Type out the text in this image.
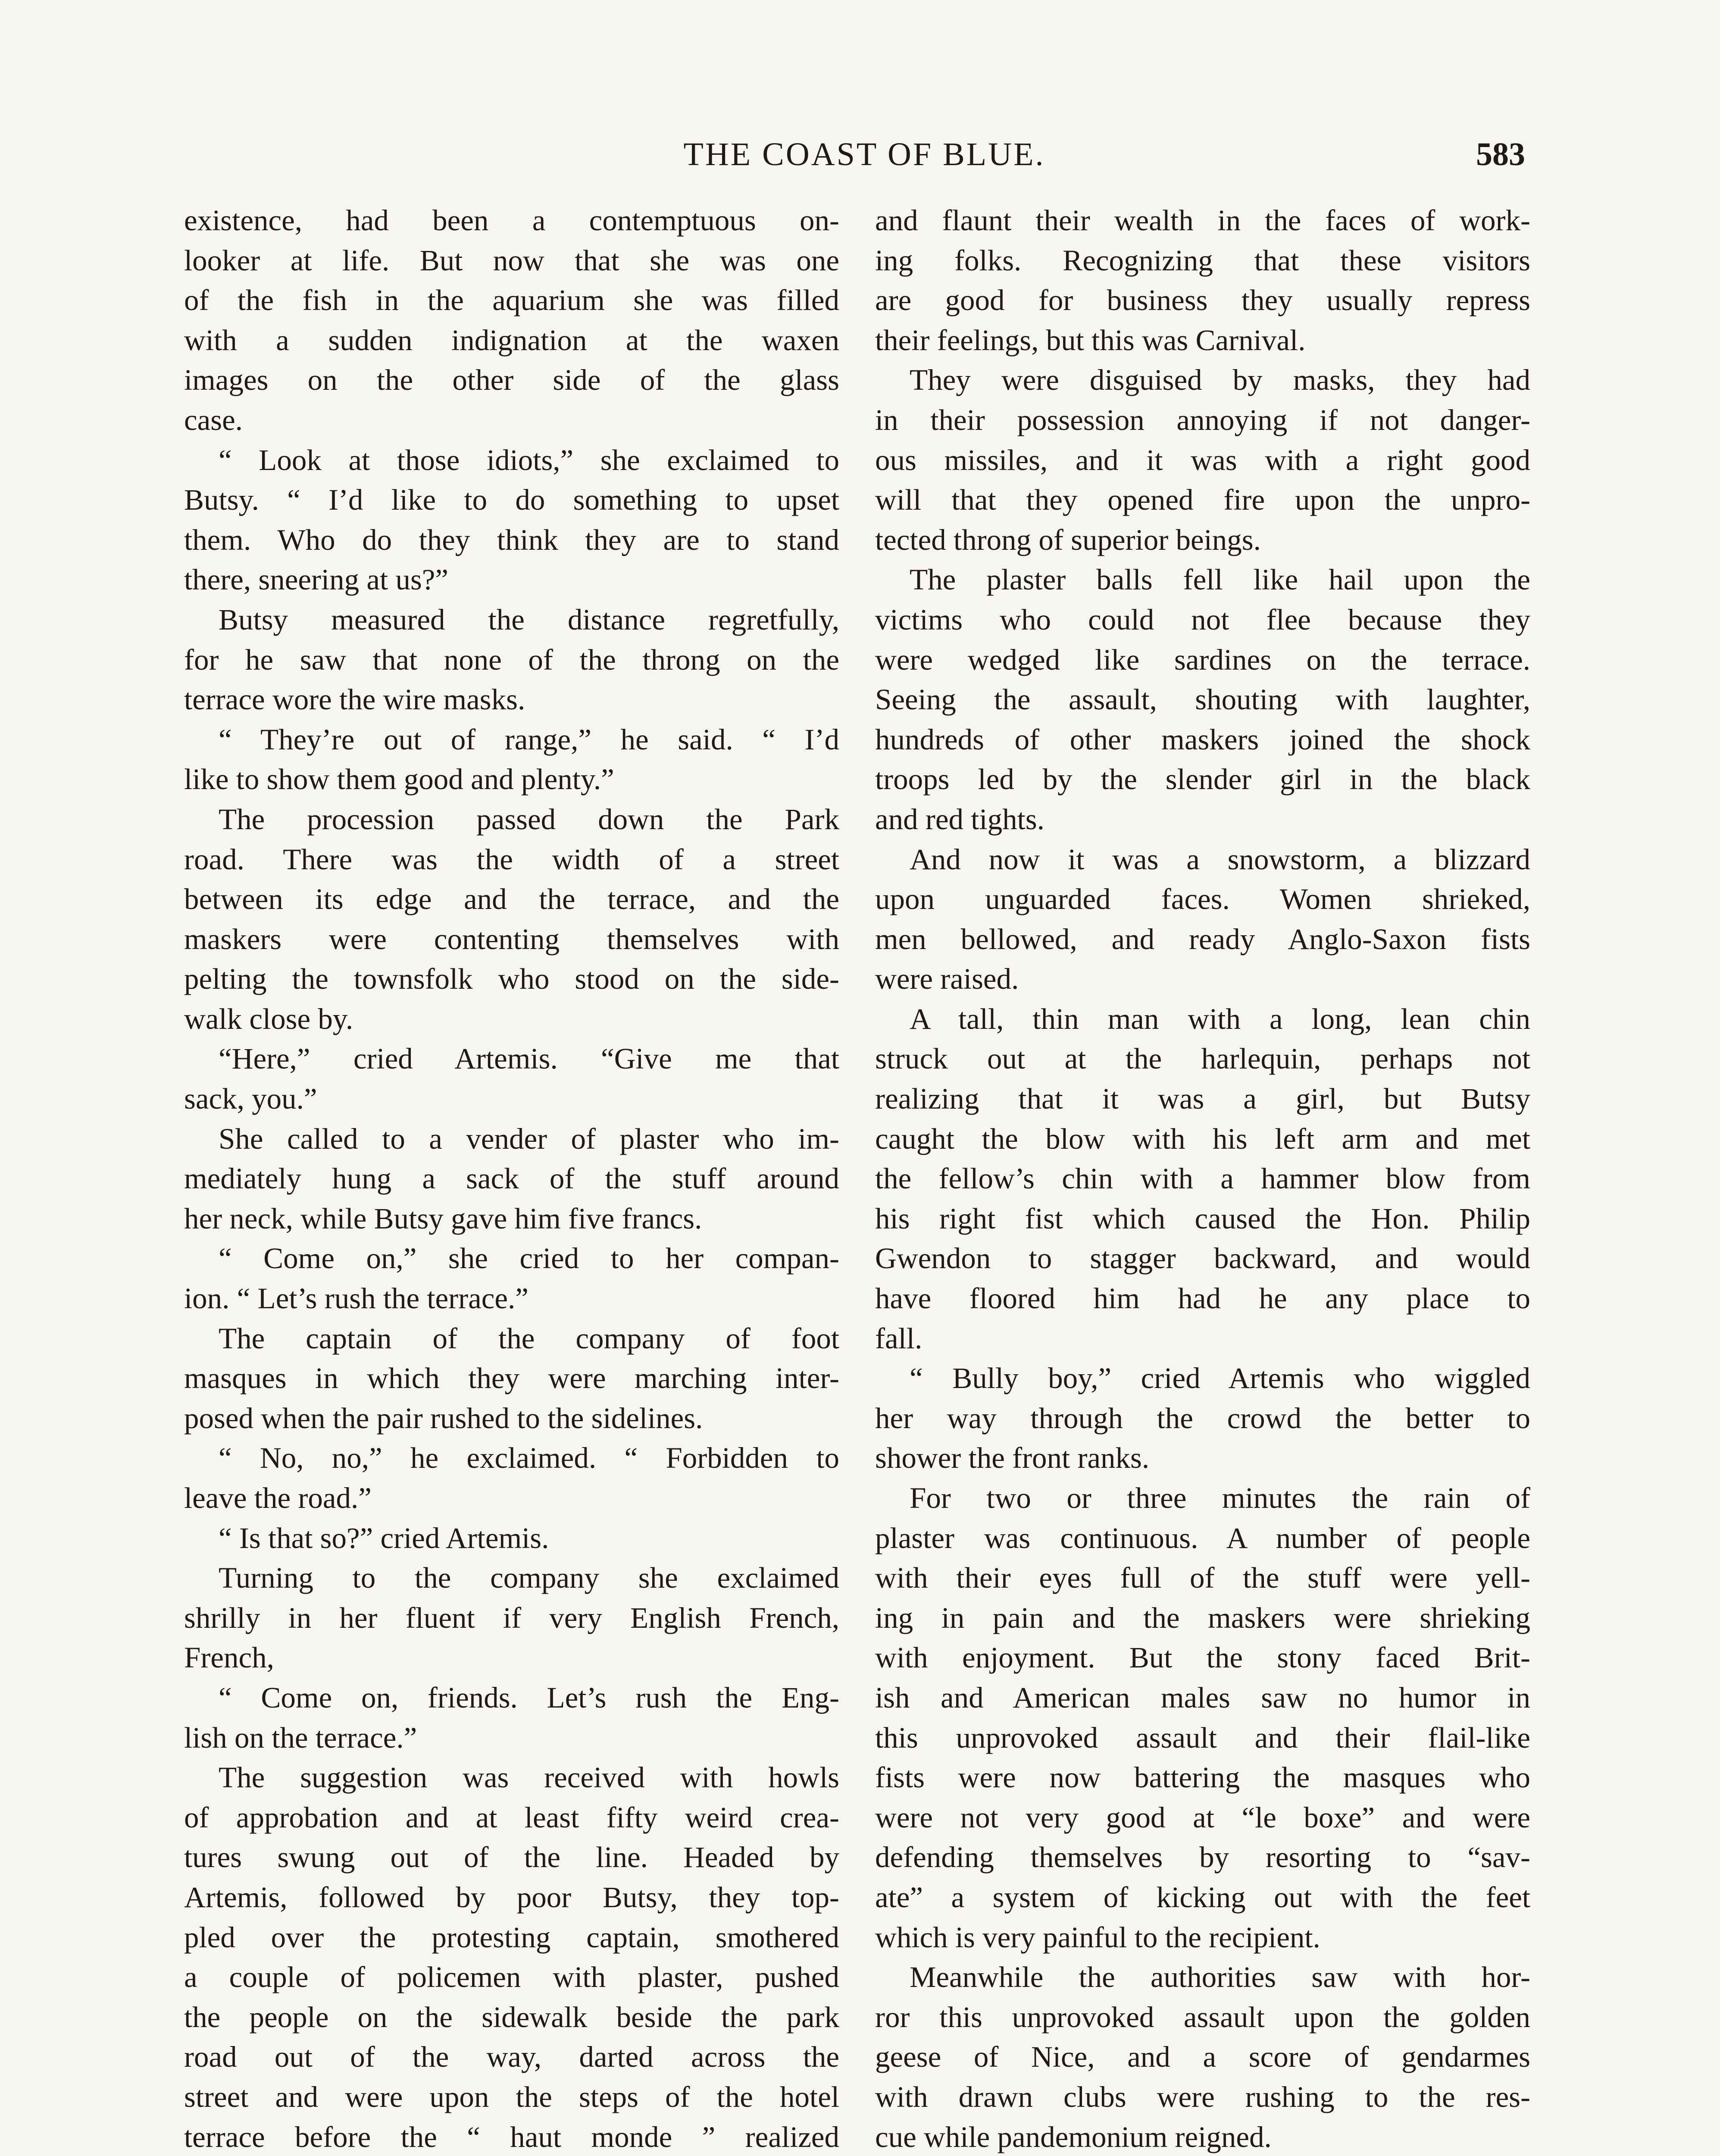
THE COAST OF BLUE.	583

existence, had been a contemptuous on-
looker at life. But now that she was one
of the fish in the aquarium she was filled
with a sudden indignation at the waxen
images on the other side of the glass
case.

“ Look at those idiots,” she exclaimed to
Butsy. “ I’d like to do something to upset
them. Who do they think they are to stand
there, sneering at us?”

Butsy measured the distance regretfully,
for he saw that none of the throng on the
terrace wore the wire masks.

“ They’re out of range,” he said. “ I’d
like to show them good and plenty.”

The procession passed down the Park
road. There was the width of a street
between its edge and the terrace, and the
maskers were contenting themselves with
pelting the townsfolk who stood on the side-
walk close by.

“Here,” cried Artemis. “Give me that
sack, you.”

She called to a vender of plaster who im-
mediately hung a sack of the stuff around
her neck, while Butsy gave him five francs.

“ Come on,” she cried to her compan-
ion. “ Let’s rush the terrace.”

The captain of the company of foot
masques in which they were marching inter-
posed when the pair rushed to the sidelines.

“ No, no,” he exclaimed. “ Forbidden to
leave the road.”

“ Is that so?” cried Artemis.

Turning to the company she exclaimed
shrilly in her fluent if very English French,
French,

“ Come on, friends. Let’s rush the Eng-
lish on the terrace.”

The suggestion was received with howls
of approbation and at least fifty weird crea-
tures swung out of the line. Headed by
Artemis, followed by poor Butsy, they top-
pled over the protesting captain, smothered
a couple of policemen with plaster, pushed
the people on the sidewalk beside the park
road out of the way, darted across the
street and were upon the steps of the hotel
terrace before the “ haut monde ” realized

and flaunt their wealth in the faces of work-
ing folks. Recognizing that these visitors
are good for business they usually repress
their feelings, but this was Carnival.

They were disguised by masks, they had
in their possession annoying if not danger-
ous missiles, and it was with a right good
will that they opened fire upon the unpro-
tected throng of superior beings.

The plaster balls fell like hail upon the
victims who could not flee because they
were wedged like sardines on the terrace.
Seeing the assault, shouting with laughter,
hundreds of other maskers joined the shock
troops led by the slender girl in the black
and red tights.

And now it was a snowstorm, a blizzard
upon unguarded faces. Women shrieked,
men bellowed, and ready Anglo-Saxon fists
were raised.

A tall, thin man with a long, lean chin
struck out at the harlequin, perhaps not
realizing that it was a girl, but Butsy
caught the blow with his left arm and met
the fellow’s chin with a hammer blow from
his right fist which caused the Hon. Philip
Gwendon to stagger backward, and would
have floored him had he any place to
fall.

“ Bully boy,” cried Artemis who wiggled
her way through the crowd the better to
shower the front ranks.

For two or three minutes the rain of
plaster was continuous. A number of people
with their eyes full of the stuff were yell-
ing in pain and the maskers were shrieking
with enjoyment. But the stony faced Brit-
ish and American males saw no humor in
this unprovoked assault and their flail-like
fists were now battering the masques who
were not very good at “le boxe” and were
defending themselves by resorting to “sav-
ate” a system of kicking out with the feet
which is very painful to the recipient.

Meanwhile the authorities saw with hor-
ror this unprovoked assault upon the golden
geese of Nice, and a score of gendarmes
with drawn clubs were rushing to the res-
cue while pandemonium reigned.
